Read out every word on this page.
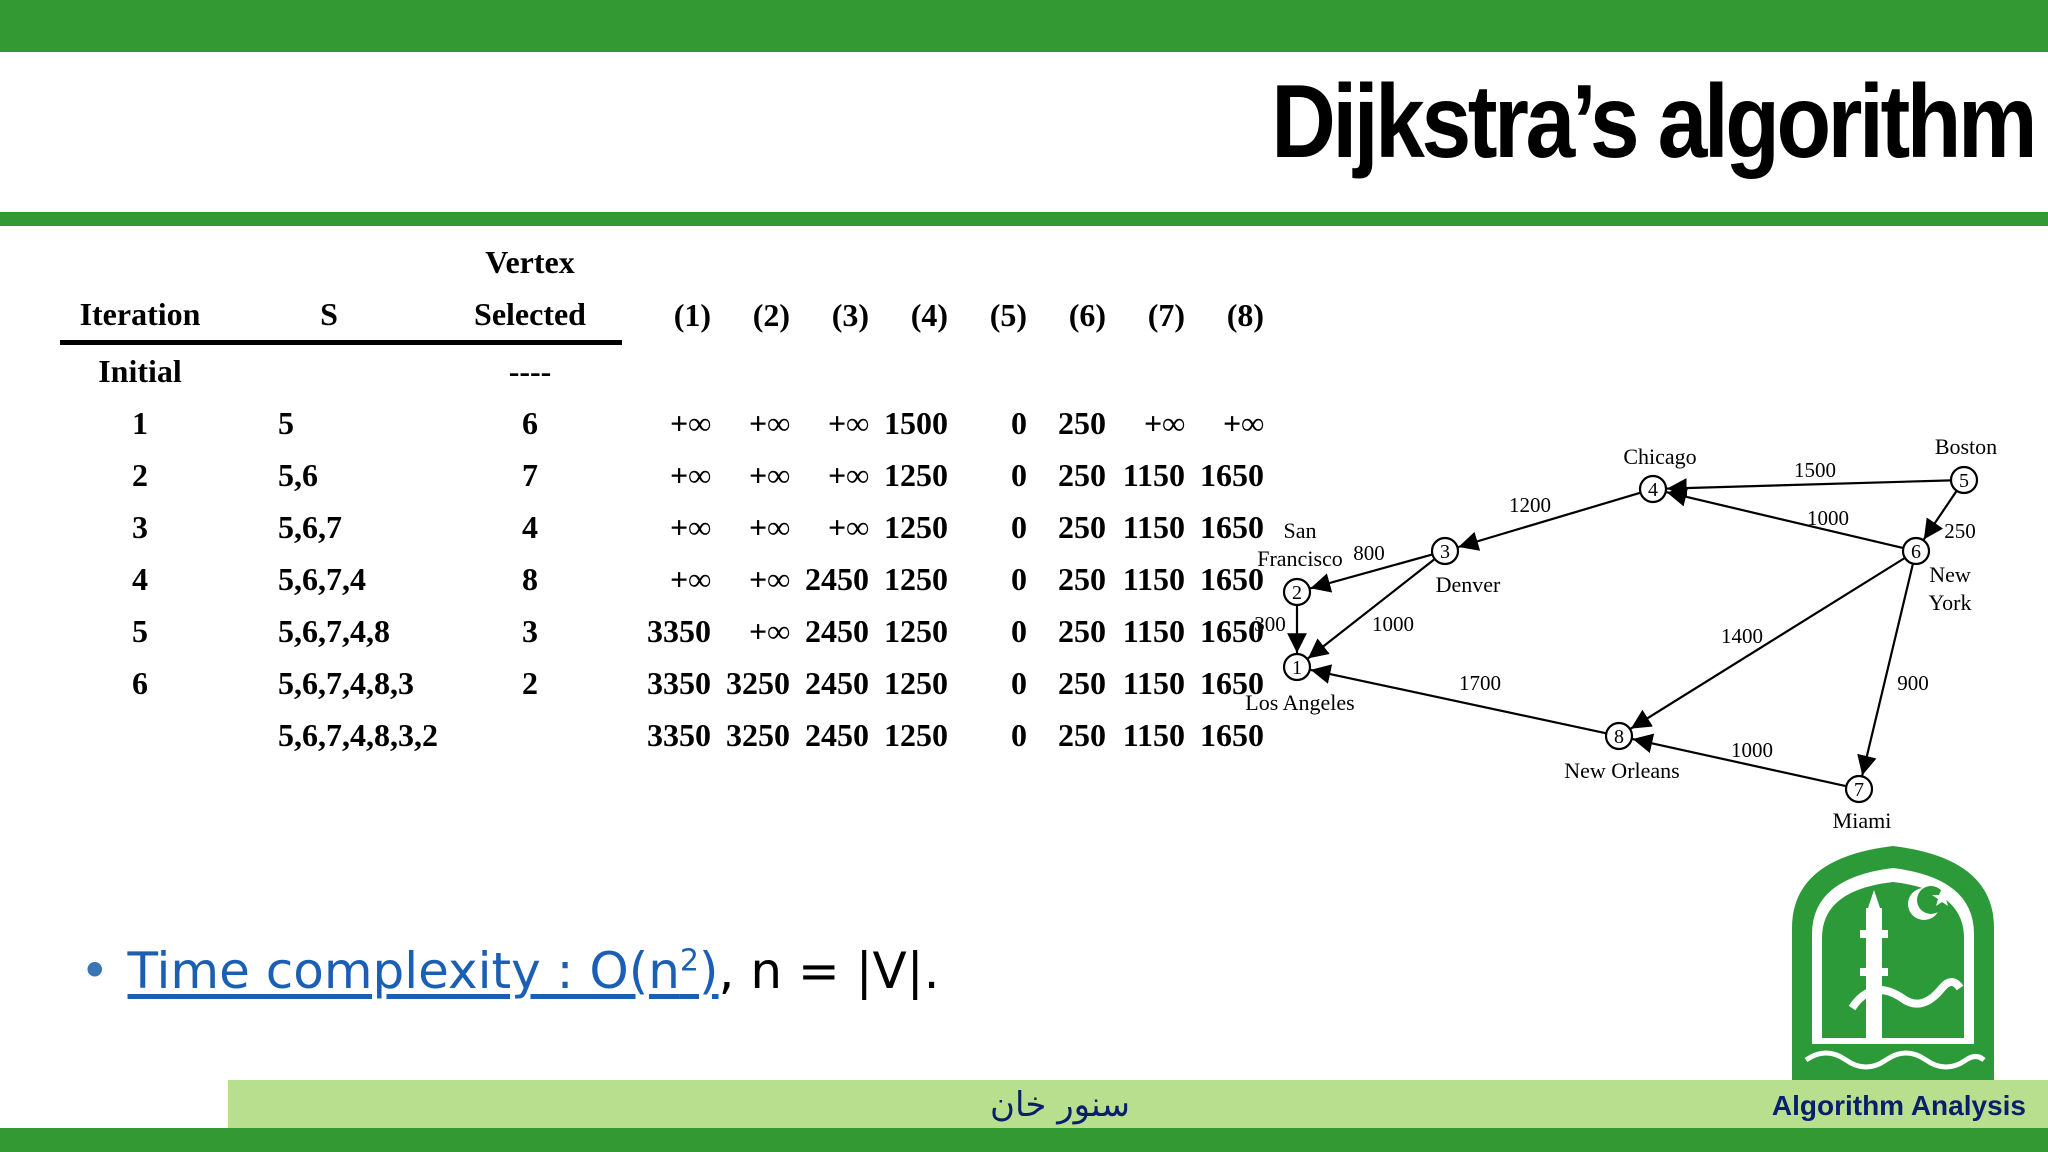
Dijkstra’s algorithm
		Vertex									
Iteration	S	Selected		(1)	(2)	(3)	(4)	(5)	(6)	(7)	(8)
Initial		----									
1	5	6		+∞	+∞	+∞	1500	0	250	+∞	+∞
2	5,6	7		+∞	+∞	+∞	1250	0	250	1150	1650
3	5,6,7	4		+∞	+∞	+∞	1250	0	250	1150	1650
4	5,6,7,4	8		+∞	+∞	2450	1250	0	250	1150	1650
5	5,6,7,4,8	3		3350	+∞	2450	1250	0	250	1150	1650
6	5,6,7,4,8,3	2		3350	3250	2450	1250	0	250	1150	1650
	5,6,7,4,8,3,2			3350	3250	2450	1250	0	250	1150	1650
1500
250
1000
1200
800
1000
300	1400
900
1700
1000
1
Los Angeles
2
San
Francisco	3
Denver
4
Chicago
5
Boston
6
New
York
7
Miami
8
New Orleans
• Time complexity : $O(n^2)$, n = |V|.
سنور خان	Algorithm Analysis
